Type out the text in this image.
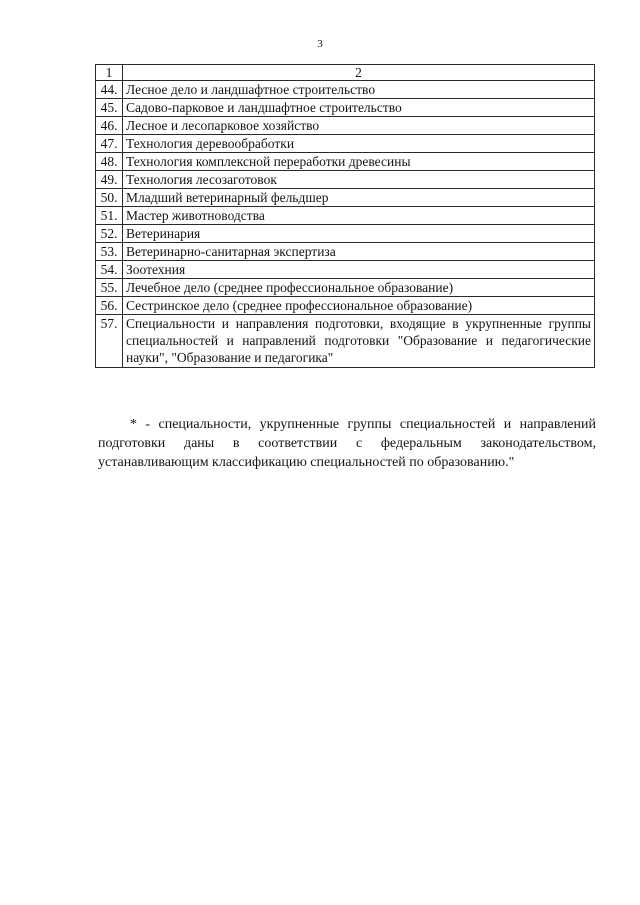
3
1	2
44.	Лесное дело и ландшафтное строительство
45.	Садово-парковое и ландшафтное строительство
46.	Лесное и лесопарковое хозяйство
47.	Технология деревообработки
48.	Технология комплексной переработки древесины
49.	Технология лесозаготовок
50.	Младший ветеринарный фельдшер
51.	Мастер животноводства
52.	Ветеринария
53.	Ветеринарно-санитарная экспертиза
54.	Зоотехния
55.	Лечебное дело (среднее профессиональное образование)
56.	Сестринское дело (среднее профессиональное образование)
57.	Специальности и направления подготовки, входящие в укрупненные группы специальностей и направлений подготовки "Образование и педагогические науки", "Образование и педагогика"

* - специальности, укрупненные группы специальностей и направлений подготовки даны в соответствии с федеральным законодательством, устанавливающим классификацию специальностей по образованию."
